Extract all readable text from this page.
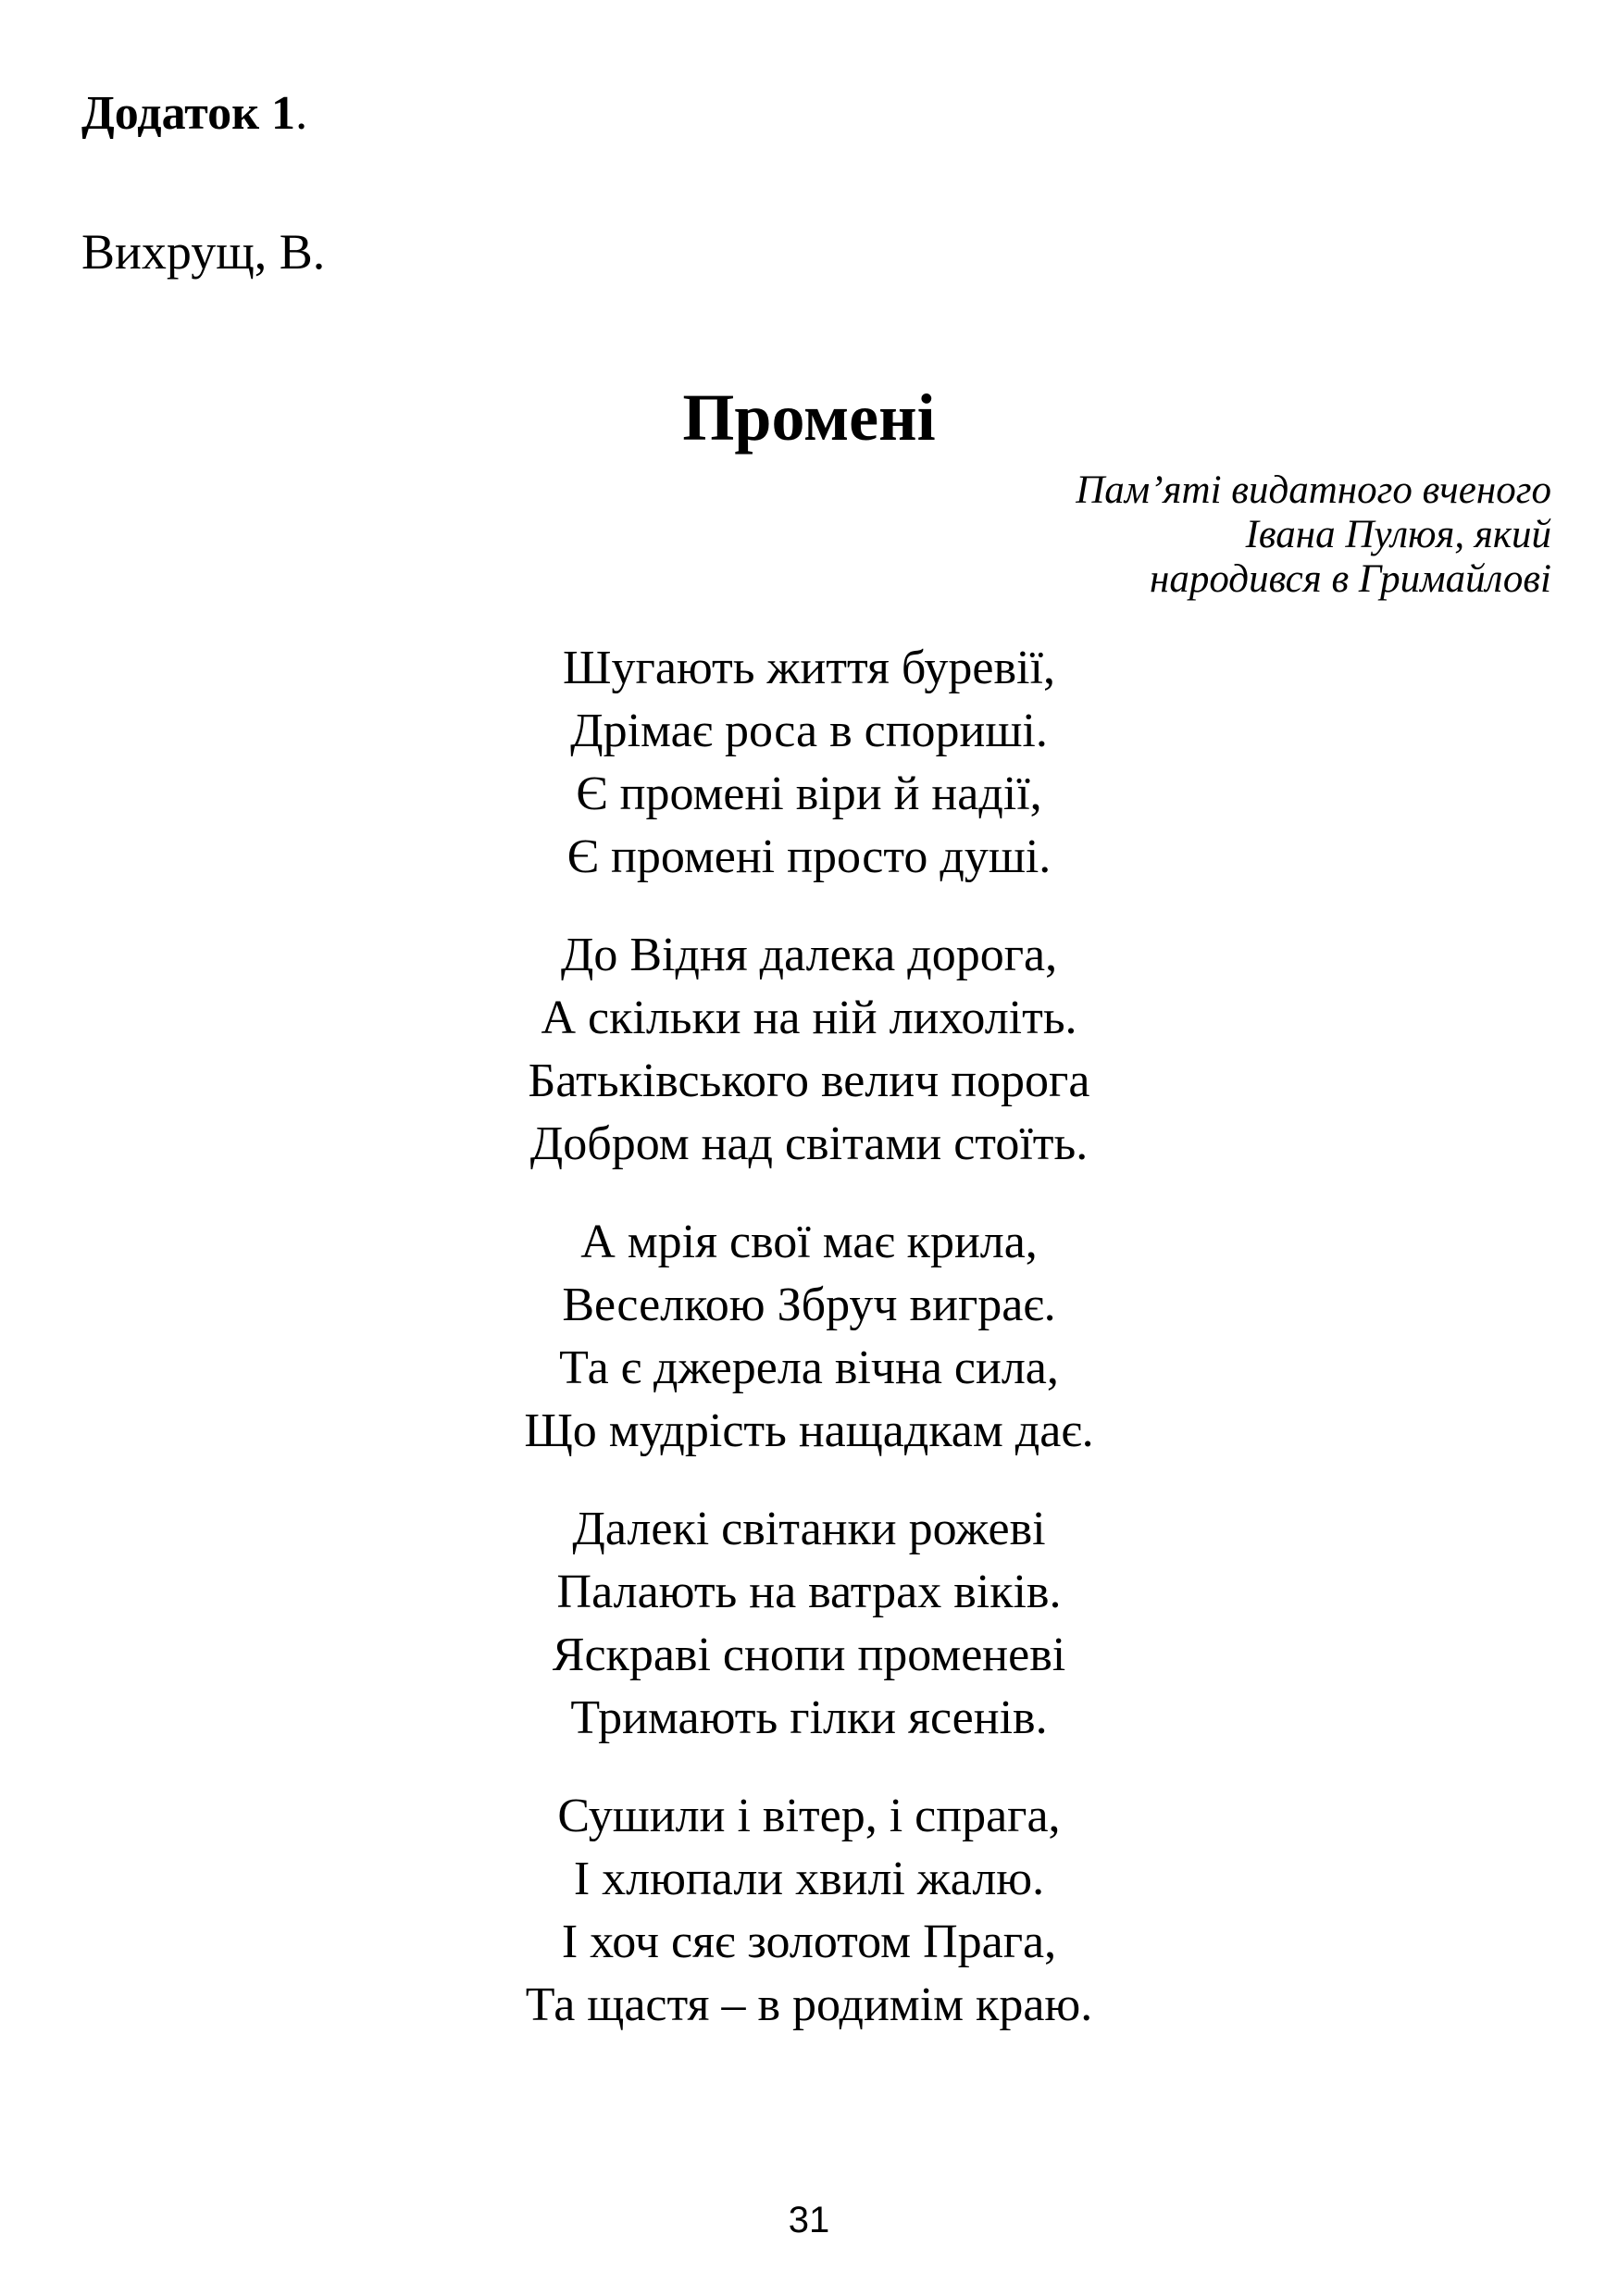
Додаток 1.
Вихрущ, В.
Промені
Пам’яті видатного вченого
Івана Пулюя, який
народився в Гримайлові
Шугають життя буревії,
Дрімає роса в спориші.
Є промені віри й надії,
Є промені просто душі.
До Відня далека дорога,
А скільки на ній лихоліть.
Батьківського велич порога
Добром над світами стоїть.
А мрія свої має крила,
Веселкою Збруч виграє.
Та є джерела вічна сила,
Що мудрість нащадкам дає.
Далекі світанки рожеві
Палають на ватрах віків.
Яскраві снопи променеві
Тримають гілки ясенів.
Сушили і вітер, і спрага,
І хлюпали хвилі жалю.
І хоч сяє золотом Прага,
Та щастя – в родимім краю.
31
